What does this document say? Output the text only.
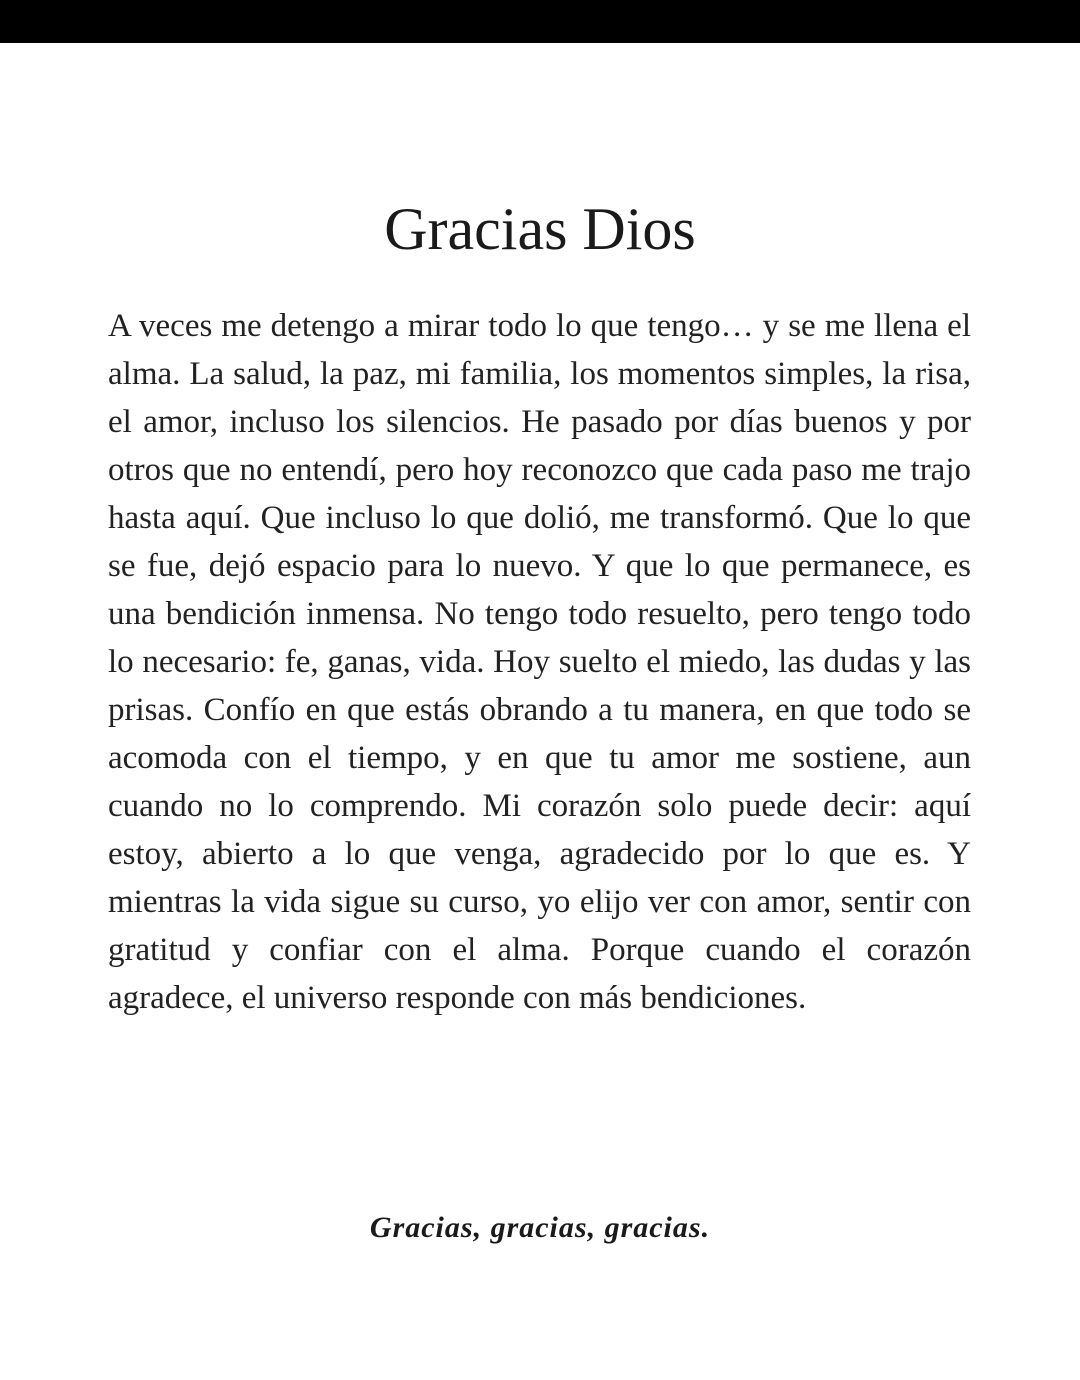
Gracias Dios

A veces me detengo a mirar todo lo que tengo… y se me llena el alma. La salud, la paz, mi familia, los momentos simples, la risa, el amor, incluso los silencios. He pasado por días buenos y por otros que no entendí, pero hoy reconozco que cada paso me trajo hasta aquí. Que incluso lo que dolió, me transformó. Que lo que se fue, dejó espacio para lo nuevo. Y que lo que permanece, es una bendición inmensa. No tengo todo resuelto, pero tengo todo lo necesario: fe, ganas, vida. Hoy suelto el miedo, las dudas y las prisas. Confío en que estás obrando a tu manera, en que todo se acomoda con el tiempo, y en que tu amor me sostiene, aun cuando no lo comprendo. Mi corazón solo puede decir: aquí estoy, abierto a lo que venga, agradecido por lo que es. Y mientras la vida sigue su curso, yo elijo ver con amor, sentir con gratitud y confiar con el alma. Porque cuando el corazón agradece, el universo responde con más bendiciones.

Gracias, gracias, gracias.
